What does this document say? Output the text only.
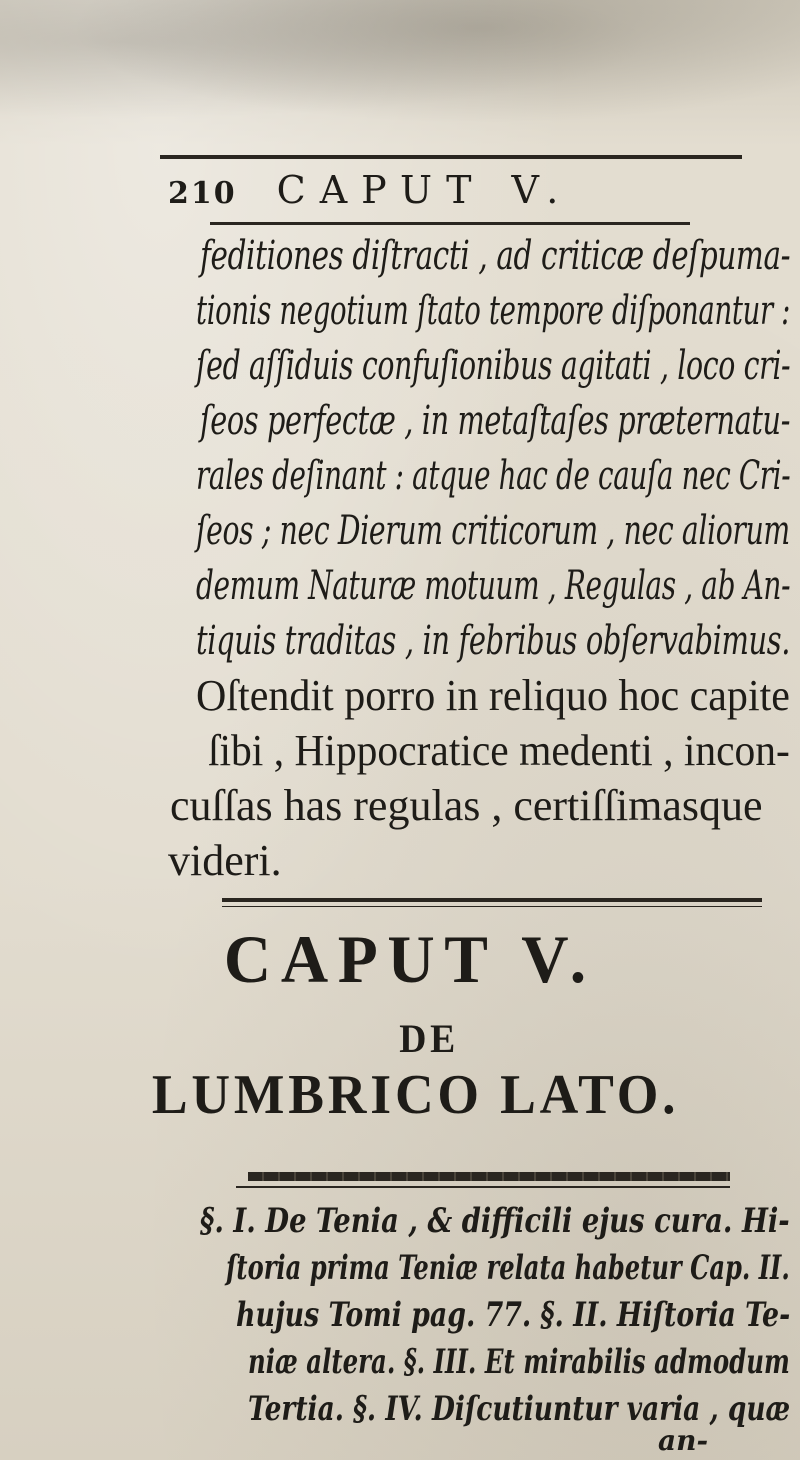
210 CAPUT V.
feditiones diſtracti , ad criticæ deſpuma-
tionis negotium ſtato tempore diſponantur :
ſed aſſiduis confuſionibus agitati , loco cri-
ſeos perfectæ , in metaſtaſes præternatu-
rales deſinant : atque hac de cauſa nec Cri-
ſeos ; nec Dierum criticorum , nec aliorum
demum Naturæ motuum , Regulas , ab An-
tiquis traditas , in febribus obſervabimus.
Oſtendit porro in reliquo hoc capite
ſibi , Hippocratice medenti , incon-
cuſſas has regulas , certiſſimasque
videri.
CAPUT V.
DE
LUMBRICO LATO.
§. I. De Tenia , & difficili ejus cura. Hi-
ſtoria prima Teniæ relata habetur Cap. II.
hujus Tomi pag. 77. §. II. Hiſtoria Te-
niæ altera. §. III. Et mirabilis admodum
Tertia. §. IV. Diſcutiuntur varia , quæ
an-
